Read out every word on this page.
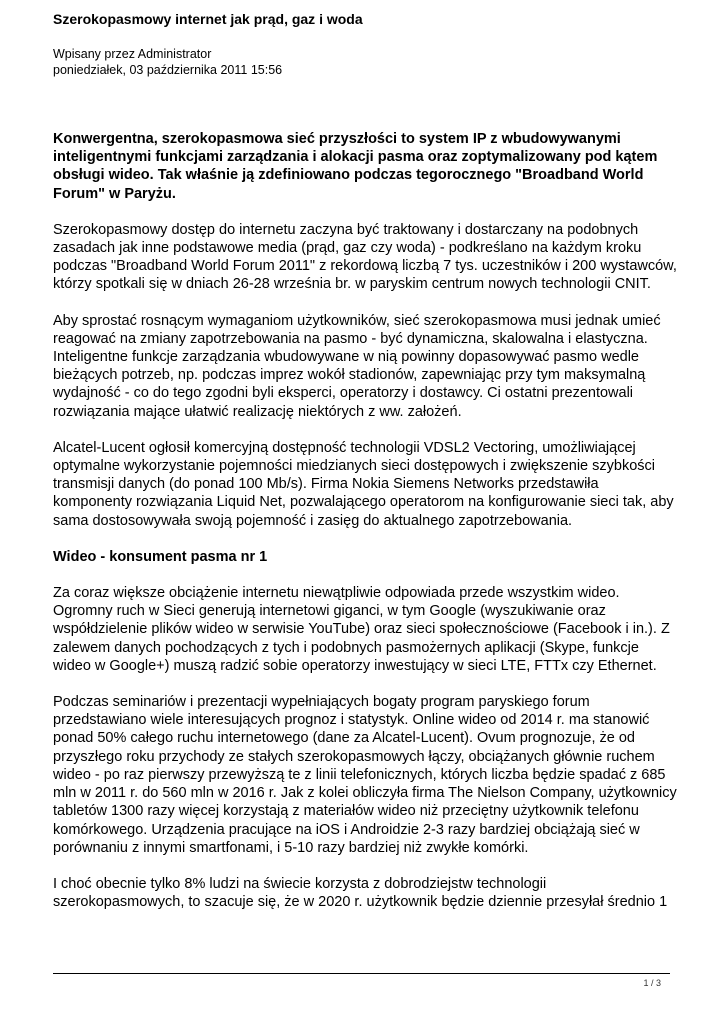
Szerokopasmowy internet jak prąd, gaz i woda
Wpisany przez Administrator
poniedziałek, 03 października 2011 15:56

Konwergentna, szerokopasmowa sieć przyszłości to system IP z wbudowywanymi inteligentnymi funkcjami zarządzania i alokacji pasma oraz zoptymalizowany pod kątem obsługi wideo. Tak właśnie ją zdefiniowano podczas tegorocznego "Broadband World Forum" w Paryżu.

Szerokopasmowy dostęp do internetu zaczyna być traktowany i dostarczany na podobnych zasadach jak inne podstawowe media (prąd, gaz czy woda) - podkreślano na każdym kroku podczas "Broadband World Forum 2011" z rekordową liczbą 7 tys. uczestników i 200 wystawców, którzy spotkali się w dniach 26-28 września br. w paryskim centrum nowych technologii CNIT.

Aby sprostać rosnącym wymaganiom użytkowników, sieć szerokopasmowa musi jednak umieć reagować na zmiany zapotrzebowania na pasmo - być dynamiczna, skalowalna i elastyczna. Inteligentne funkcje zarządzania wbudowywane w nią powinny dopasowywać pasmo wedle bieżących potrzeb, np. podczas imprez wokół stadionów, zapewniając przy tym maksymalną wydajność - co do tego zgodni byli eksperci, operatorzy i dostawcy. Ci ostatni prezentowali rozwiązania mające ułatwić realizację niektórych z ww. założeń.

Alcatel-Lucent ogłosił komercyjną dostępność technologii VDSL2 Vectoring, umożliwiającej optymalne wykorzystanie pojemności miedzianych sieci dostępowych i zwiększenie szybkości transmisji danych (do ponad 100 Mb/s). Firma Nokia Siemens Networks przedstawiła komponenty rozwiązania Liquid Net, pozwalającego operatorom na konfigurowanie sieci tak, aby sama dostosowywała swoją pojemność i zasięg do aktualnego zapotrzebowania.

Wideo - konsument pasma nr 1

Za coraz większe obciążenie internetu niewątpliwie odpowiada przede wszystkim wideo. Ogromny ruch w Sieci generują internetowi giganci, w tym Google (wyszukiwanie oraz współdzielenie plików wideo w serwisie YouTube) oraz sieci społecznościowe (Facebook i in.). Z zalewem danych pochodzących z tych i podobnych pasmożernych aplikacji (Skype, funkcje wideo w Google+) muszą radzić sobie operatorzy inwestujący w sieci LTE, FTTx czy Ethernet.

Podczas seminariów i prezentacji wypełniających bogaty program paryskiego forum przedstawiano wiele interesujących prognoz i statystyk. Online wideo od 2014 r. ma stanowić ponad 50% całego ruchu internetowego (dane za Alcatel-Lucent). Ovum prognozuje, że od przyszłego roku przychody ze stałych szerokopasmowych łączy, obciążanych głównie ruchem wideo - po raz pierwszy przewyższą te z linii telefonicznych, których liczba będzie spadać z 685 mln w 2011 r. do 560 mln w 2016 r. Jak z kolei obliczyła firma The Nielson Company, użytkownicy tabletów 1300 razy więcej korzystają z materiałów wideo niż przeciętny użytkownik telefonu komórkowego. Urządzenia pracujące na iOS i Androidzie 2-3 razy bardziej obciążają sieć w porównaniu z innymi smartfonami, i 5-10 razy bardziej niż zwykłe komórki.

I choć obecnie tylko 8% ludzi na świecie korzysta z dobrodziejstw technologii szerokopasmowych, to szacuje się, że w 2020 r. użytkownik będzie dziennie przesyłał średnio 1

1 / 3
